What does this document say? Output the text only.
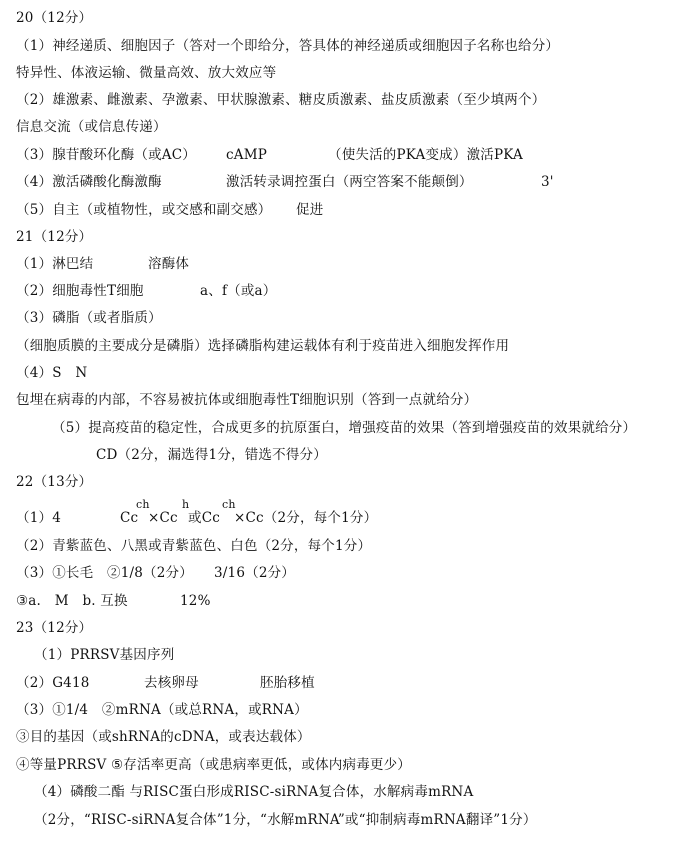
20（12分）
（1）神经递质、细胞因子（答对一个即给分，答具体的神经递质或细胞因子名称也给分）
特异性、体液运输、微量高效、放大效应等
（2）雄激素、雌激素、孕激素、甲状腺激素、糖皮质激素、盐皮质激素（至少填两个）
信息交流（或信息传递）
（3）腺苷酸环化酶（或AC） cAMP	（使失活的PKA变成）激活PKA
（4）激活磷酸化酶激酶	激活转录调控蛋白（两空答案不能颠倒）	3'
（5）自主（或植物性，或交感和副交感） 促进
21（12分）
（1）淋巴结	溶酶体
（2）细胞毒性T细胞	a、f（或a）
（3）磷脂（或者脂质）
（细胞质膜的主要成分是磷脂）选择磷脂构建运载体有利于疫苗进入细胞发挥作用
（4）S　N
包埋在病毒的内部，不容易被抗体或细胞毒性T细胞识别（答到一点就给分）
（5）提高疫苗的稳定性，合成更多的抗原蛋白，增强疫苗的效果（答到增强疫苗的效果就给分）
CD（2分，漏选得1分，错选不得分）
22（13分）
（1）4	Cc
ch
×Cc
h
或Cc
ch
×Cc（2分，每个1分）
（2）青紫蓝色、八黑或青紫蓝色、白色（2分，每个1分）
（3）①长毛　②1/8（2分） 3/16（2分）
③a.　M　b. 互换	12%
23（12分）
（1）PRRSV基因序列
（2）G418	去核卵母	胚胎移植
（3）①1/4　②mRNA（或总RNA，或RNA）
③目的基因（或shRNA的cDNA，或表达载体）
④等量PRRSV ⑤存活率更高（或患病率更低，或体内病毒更少）
（4）磷酸二酯 与RISC蛋白形成RISC-siRNA复合体，水解病毒mRNA
（2分，“RISC-siRNA复合体”1分，“水解mRNA”或“抑制病毒mRNA翻译”1分）
